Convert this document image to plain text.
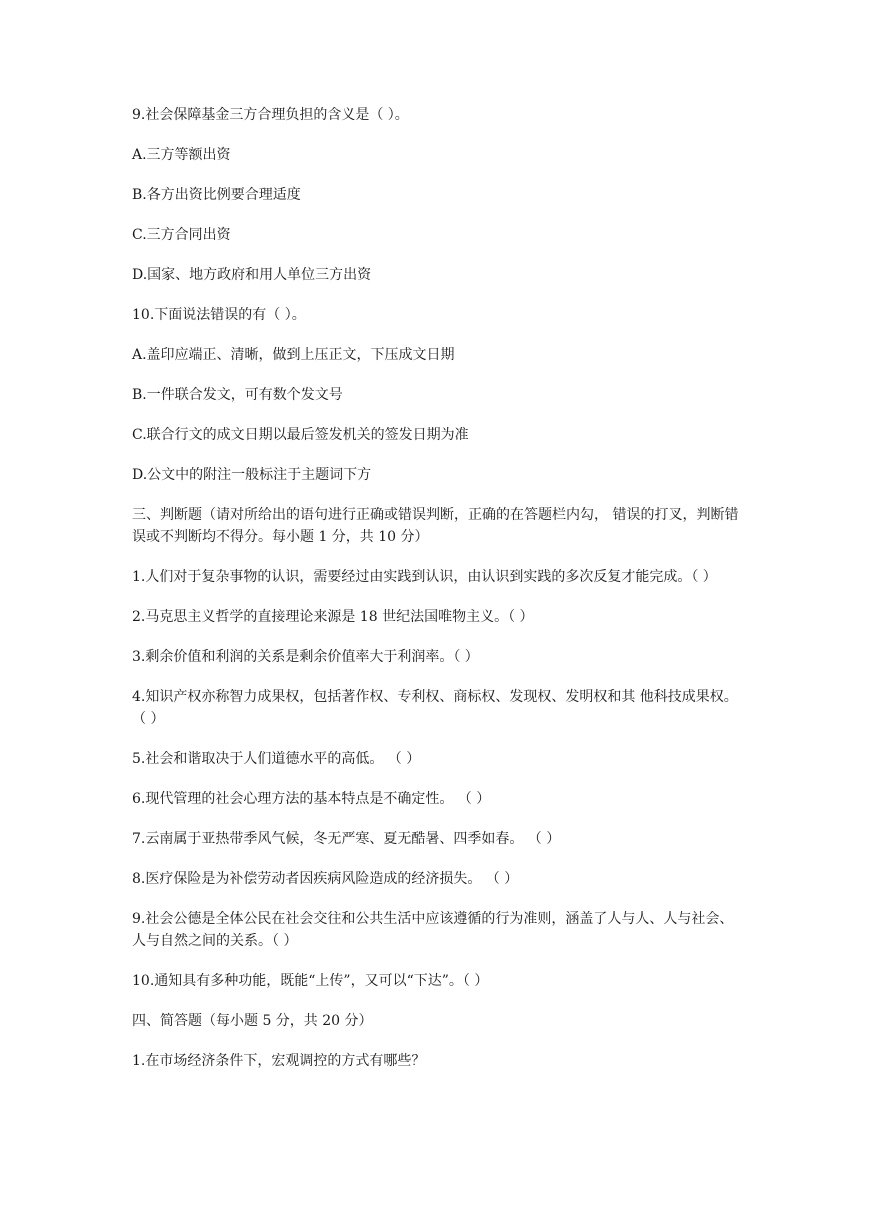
9.社会保障基金三方合理负担的含义是（ ）。

A.三方等额出资

B.各方出资比例要合理适度

C.三方合同出资

D.国家、地方政府和用人单位三方出资

10.下面说法错误的有（ ）。

A.盖印应端正、清晰，做到上压正文，下压成文日期

B.一件联合发文，可有数个发文号

C.联合行文的成文日期以最后签发机关的签发日期为准

D.公文中的附注一般标注于主题词下方

三、判断题（请对所给出的语句进行正确或错误判断，正确的在答题栏内勾， 错误的打叉，判断错误或不判断均不得分。每小题 1 分，共 10 分）

1.人们对于复杂事物的认识，需要经过由实践到认识，由认识到实践的多次反复才能完成。（ ）

2.马克思主义哲学的直接理论来源是 18 世纪法国唯物主义。（ ）

3.剩余价值和利润的关系是剩余价值率大于利润率。（ ）

4.知识产权亦称智力成果权，包括著作权、专利权、商标权、发现权、发明权和其 他科技成果权。 （ ）

5.社会和谐取决于人们道德水平的高低。 （ ）

6.现代管理的社会心理方法的基本特点是不确定性。 （ ）

7.云南属于亚热带季风气候，冬无严寒、夏无酷暑、四季如春。 （ ）

8.医疗保险是为补偿劳动者因疾病风险造成的经济损失。 （ ）

9.社会公德是全体公民在社会交往和公共生活中应该遵循的行为准则，涵盖了人与人、人与社会、人与自然之间的关系。（ ）

10.通知具有多种功能，既能“上传”，又可以“下达”。（ ）

四、简答题（每小题 5 分，共 20 分）

1.在市场经济条件下，宏观调控的方式有哪些？
